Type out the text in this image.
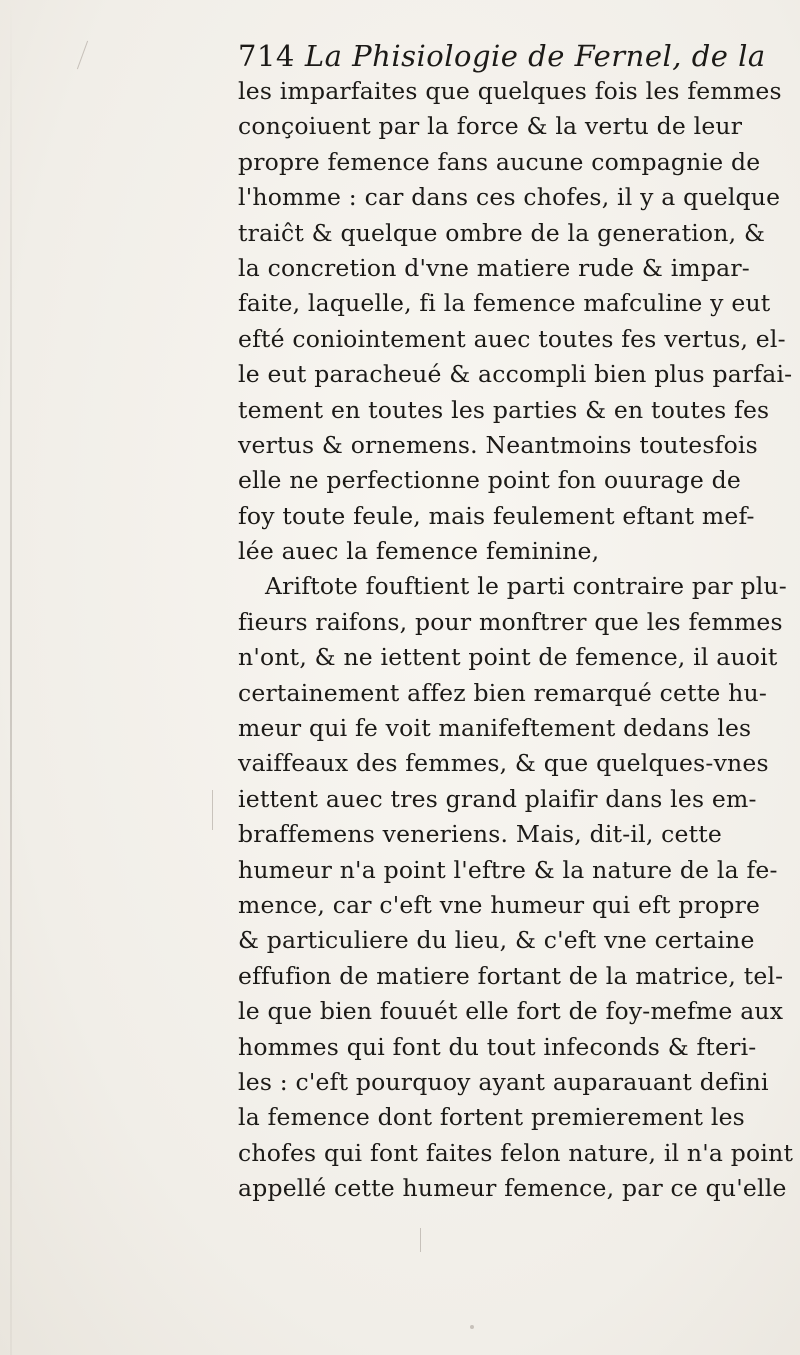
714 La Phisiologie de Fernel, de la
les imparfaites que quelques fois les femmes
conçoiuent par la force & la vertu de leur
propre femence fans aucune compagnie de
l'homme : car dans ces chofes, il y a quelque
traiĉt & quelque ombre de la generation, &
la concretion d'vne matiere rude & impar-
faite, laquelle, fi la femence mafculine y eut
efté coniointement auec toutes fes vertus, el-
le eut paracheué & accompli bien plus parfai-
tement en toutes les parties & en toutes fes
vertus & ornemens. Neantmoins toutesfois
elle ne perfectionne point fon ouurage de
foy toute feule, mais feulement eftant mef-
lée auec la femence feminine,
Ariftote fouftient le parti contraire par plu-
fieurs raifons, pour monftrer que les femmes
n'ont, & ne iettent point de femence, il auoit
certainement affez bien remarqué cette hu-
meur qui fe voit manifeftement dedans les
vaiffeaux des femmes, & que quelques-vnes
iettent auec tres grand plaifir dans les em-
braffemens veneriens. Mais, dit-il, cette
humeur n'a point l'eftre & la nature de la fe-
mence, car c'eft vne humeur qui eft propre
& particuliere du lieu, & c'eft vne certaine
effufion de matiere fortant de la matrice, tel-
le que bien fouuét elle fort de foy-mefme aux
hommes qui font du tout infeconds & fteri-
les : c'eft pourquoy ayant auparauant defini
la femence dont fortent premierement les
chofes qui font faites felon nature, il n'a point
appellé cette humeur femence, par ce qu'elle
